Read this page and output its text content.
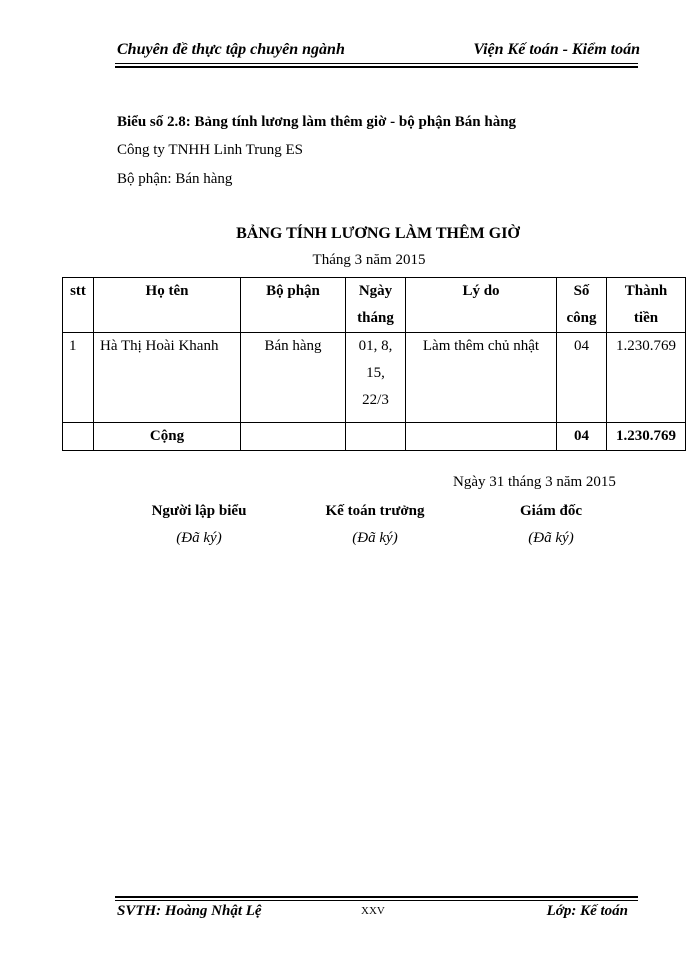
Chuyên đề thực tập chuyên ngành	Viện Kế toán - Kiểm toán
Biểu số 2.8: Bảng tính lương làm thêm giờ - bộ phận Bán hàng
Công ty TNHH Linh Trung ES
Bộ phận: Bán hàng
BẢNG TÍNH LƯƠNG LÀM THÊM GIỜ
Tháng 3 năm 2015
stt	Họ tên	Bộ phận	Ngày tháng	Lý do	Số công	Thành tiền

1	Hà Thị Hoài Khanh	Bán hàng	01, 8, 15, 22/3	Làm thêm chủ nhật	04	1.230.769
	Cộng				04	1.230.769
Ngày 31 tháng 3 năm 2015
Người lập biểu
(Đã ký)
Kế toán trưởng
(Đã ký)
Giám đốc
(Đã ký)
SVTH: Hoàng Nhật Lệ	XXV	Lớp: Kế toán
